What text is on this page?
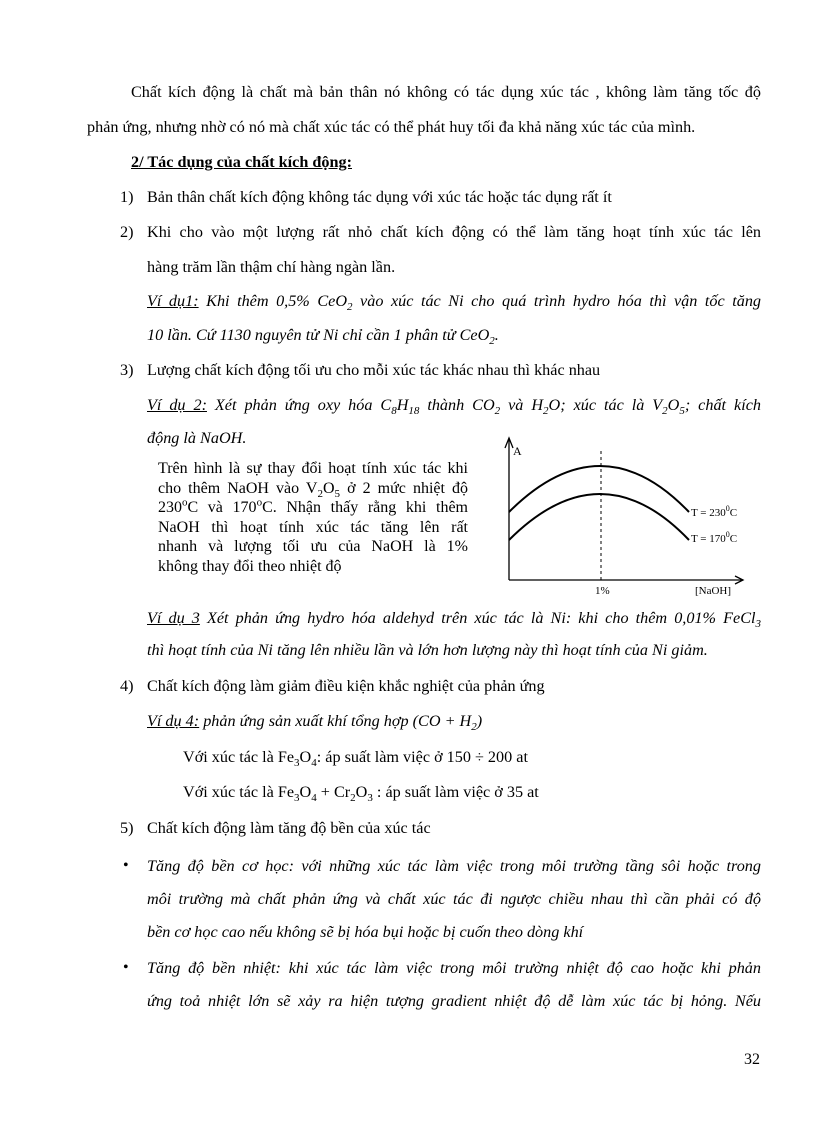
Chất kích động là chất mà bản thân nó không có tác dụng xúc tác , không làm tăng tốc độ
phản ứng, nhưng nhờ có nó mà chất xúc tác có thể phát huy tối đa khả năng xúc tác của mình.
2/ Tác dụng của chất kích động:
1) Bản thân chất kích động không tác dụng với xúc tác hoặc tác dụng rất ít
2) Khi cho vào một lượng rất nhỏ chất kích động có thể làm tăng hoạt tính xúc tác lên
hàng trăm lần thậm chí hàng ngàn lần.
Ví dụ1: Khi thêm 0,5% CeO$_2$ vào xúc tác Ni cho quá trình hydro hóa thì vận tốc tăng
10 lần. Cứ 1130 nguyên tử Ni chỉ cần 1 phân tử CeO$_2$.
3) Lượng chất kích động tối ưu cho mỗi xúc tác khác nhau thì khác nhau
Ví dụ 2: Xét phản ứng oxy hóa $C_8H_{18}$ thành $CO_2$ và $H_2O$; xúc tác là $V_2O_5$; chất kích
động là NaOH.
Trên hình là sự thay đổi hoạt tính xúc tác khi
cho thêm NaOH vào $V_2O_5$ ở 2 mức nhiệt độ
230$^o$C và 170$^o$C. Nhận thấy rằng khi thêm
NaOH thì hoạt tính xúc tác tăng lên rất
nhanh và lượng tối ưu của NaOH là 1%
không thay đổi theo nhiệt độ
A
$T = 230^0C$
$T = 170^0C$
1%	[NaOH]
Ví dụ 3 Xét phản ứng hydro hóa aldehyd trên xúc tác là Ni: khi cho thêm 0,01% FeCl$_3$
thì hoạt tính của Ni tăng lên nhiều lần và lớn hơn lượng này thì hoạt tính của Ni giảm.
4) Chất kích động làm giảm điều kiện khắc nghiệt của phản ứng
Ví dụ 4: phản ứng sản xuất khí tổng hợp $(CO + H_2)$
Với xúc tác là $Fe_3O_4$: áp suất làm việc ở 150 ÷ 200 at
Với xúc tác là $Fe_3O_4 + Cr_2O_3$ : áp suất làm việc ở 35 at
5) Chất kích động làm tăng độ bền của xúc tác
• Tăng độ bền cơ học: với những xúc tác làm việc trong môi trường tầng sôi hoặc trong
môi trường mà chất phản ứng và chất xúc tác đi ngược chiều nhau thì cần phải có độ
bền cơ học cao nếu không sẽ bị hóa bụi hoặc bị cuốn theo dòng khí
• Tăng độ bền nhiệt: khi xúc tác làm việc trong môi trường nhiệt độ cao hoặc khi phản
ứng toả nhiệt lớn sẽ xảy ra hiện tượng gradient nhiệt độ dễ làm xúc tác bị hỏng. Nếu
32
